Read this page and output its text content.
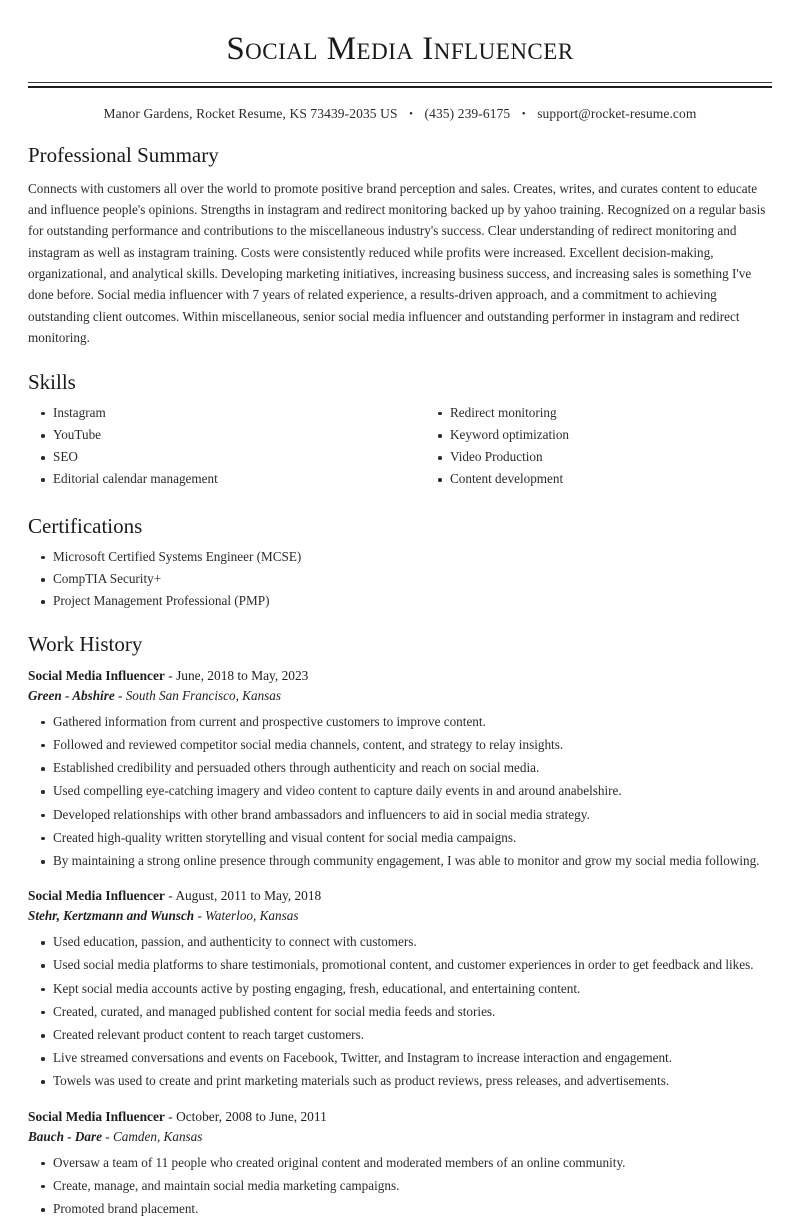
Social Media Influencer
Manor Gardens, Rocket Resume, KS 73439-2035 US • (435) 239-6175 • support@rocket-resume.com
Professional Summary

Connects with customers all over the world to promote positive brand perception and sales. Creates, writes, and curates content to educate and influence people's opinions. Strengths in instagram and redirect monitoring backed up by yahoo training. Recognized on a regular basis for outstanding performance and contributions to the miscellaneous industry's success. Clear understanding of redirect monitoring and instagram as well as instagram training. Costs were consistently reduced while profits were increased. Excellent decision-making, organizational, and analytical skills. Developing marketing initiatives, increasing business success, and increasing sales is something I've done before. Social media influencer with 7 years of related experience, a results-driven approach, and a commitment to achieving outstanding client outcomes. Within miscellaneous, senior social media influencer and outstanding performer in instagram and redirect monitoring.

Skills
Instagram
YouTube
SEO
Editorial calendar management
Redirect monitoring
Keyword optimization
Video Production
Content development
Certifications
Microsoft Certified Systems Engineer (MCSE)
CompTIA Security+
Project Management Professional (PMP)
Work History
Social Media Influencer - June, 2018 to May, 2023
Green - Abshire - South San Francisco, Kansas
Gathered information from current and prospective customers to improve content.
Followed and reviewed competitor social media channels, content, and strategy to relay insights.
Established credibility and persuaded others through authenticity and reach on social media.
Used compelling eye-catching imagery and video content to capture daily events in and around anabelshire.
Developed relationships with other brand ambassadors and influencers to aid in social media strategy.
Created high-quality written storytelling and visual content for social media campaigns.
By maintaining a strong online presence through community engagement, I was able to monitor and grow my social media following.
Social Media Influencer - August, 2011 to May, 2018
Stehr, Kertzmann and Wunsch - Waterloo, Kansas
Used education, passion, and authenticity to connect with customers.
Used social media platforms to share testimonials, promotional content, and customer experiences in order to get feedback and likes.
Kept social media accounts active by posting engaging, fresh, educational, and entertaining content.
Created, curated, and managed published content for social media feeds and stories.
Created relevant product content to reach target customers.
Live streamed conversations and events on Facebook, Twitter, and Instagram to increase interaction and engagement.
Towels was used to create and print marketing materials such as product reviews, press releases, and advertisements.
Social Media Influencer - October, 2008 to June, 2011
Bauch - Dare - Camden, Kansas
Oversaw a team of 11 people who created original content and moderated members of an online community.
Create, manage, and maintain social media marketing campaigns.
Promoted brand placement.
